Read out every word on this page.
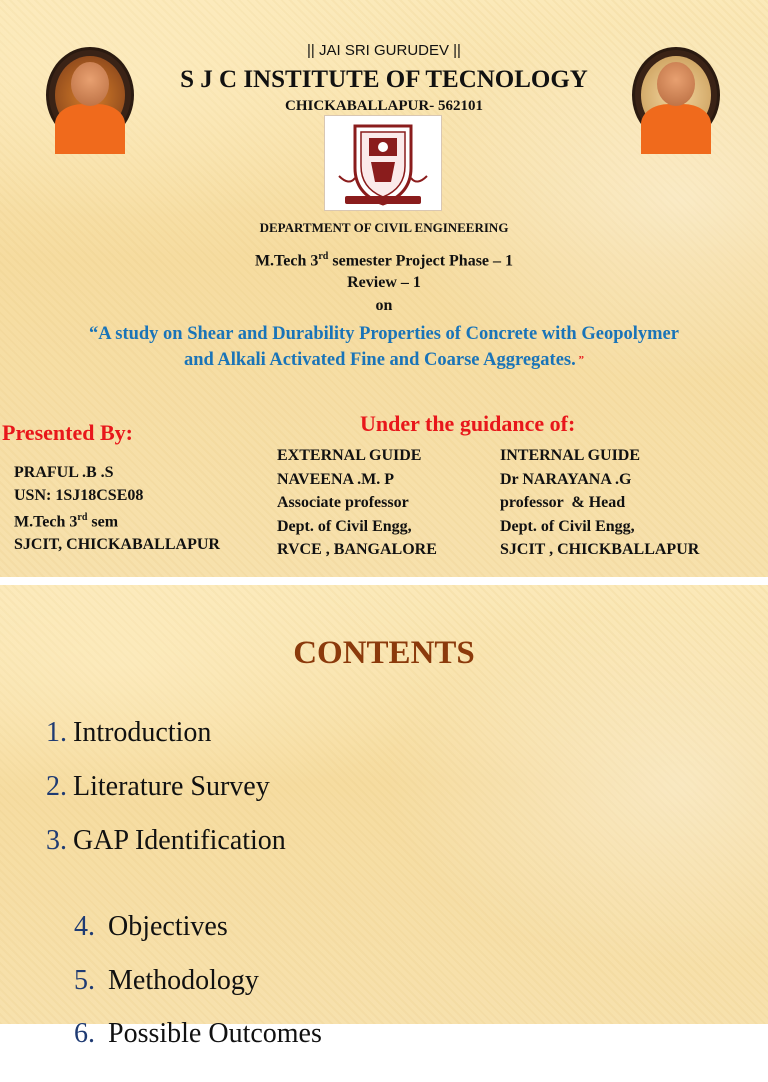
|| JAI SRI GURUDEV ||
S J C INSTITUTE OF TECNOLOGY
CHICKABALLAPUR- 562101
DEPARTMENT OF CIVIL ENGINEERING
M.Tech 3rd semester Project Phase – 1
Review – 1
on
“A study on Shear and Durability Properties of Concrete with Geopolymer
and Alkali Activated Fine and Coarse Aggregates. ”
Presented By:	Under the guidance of:
PRAFUL .B .S
USN: 1SJ18CSE08
M.Tech 3rd sem
SJCIT, CHICKABALLAPUR
EXTERNAL GUIDE
NAVEENA .M. P
Associate professor
Dept. of Civil Engg,
RVCE , BANGALORE
INTERNAL GUIDE
Dr NARAYANA .G
professor  & Head
Dept. of Civil Engg,
SJCIT , CHICKBALLAPUR
CONTENTS
1. Introduction
2. Literature Survey
3. GAP Identification

4. Objectives

5. Methodology

6. Possible Outcomes
